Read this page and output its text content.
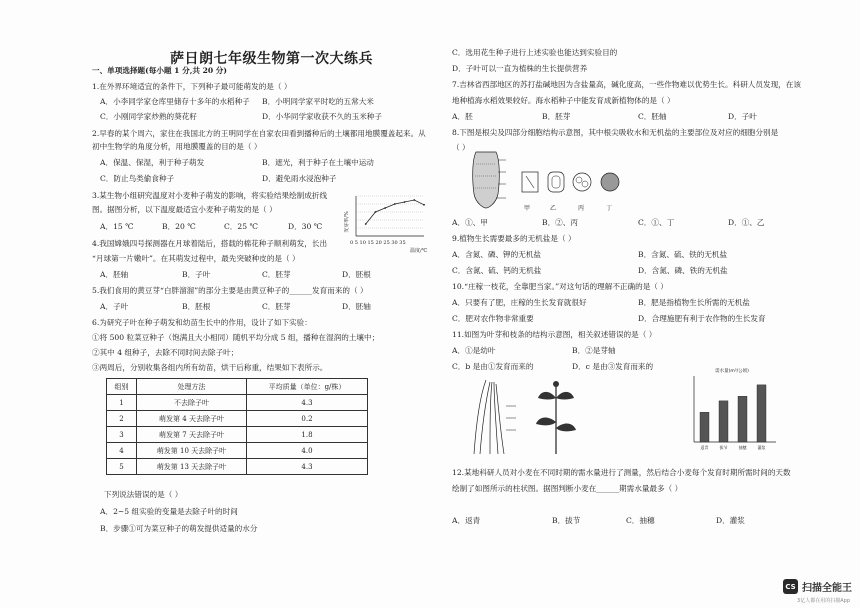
萨日朗七年级生物第一次大练兵
一、单项选择题(每小题 1 分,共 20 分)
1.在外界环境适宜的条件下，下列种子最可能萌发的是（ ）
A．小李同学家仓库里储存十多年的水稻种子 B．小明同学家平时吃的五常大米
C．小刚同学家炒熟的葵花籽	D．小华同学家收获不久的玉米种子
2.早春的某个周六，家住在我国北方的王明同学在自家农田看到播种后的土壤都用地膜覆盖起来。从
初中生物学的角度分析，用地膜覆盖的目的是（ ）
A．保温、保湿，利于种子萌发	B．遮光，利于种子在土壤中运动
C．防止鸟类偷食种子	D．避免雨水浸泡种子
3.某生物小组研究温度对小麦种子萌发的影响，将实验结果绘制成折线
图。据图分析，以下温度最适宜小麦种子萌发的是（ ）
发芽率/%
0 5 10 15 20 25 30 35
温度/℃
A．15 ℃	B．20 ℃	C．25 ℃	D．30 ℃
4.我国嫦娥四号探测器在月球着陆后，搭载的棉花种子顺利萌发，长出
“月球第一片嫩叶”。在其萌发过程中，最先突破种皮的是（ ）
A．胚轴	B．子叶	C．胚芽	D．胚根
5.我们食用的黄豆芽“白胖溜溜”的部分主要是由黄豆种子的______发育而来的（ ）
A．子叶	B．胚根	C．胚芽	D．胚轴
6.为研究子叶在种子萌发和幼苗生长中的作用，设计了如下实验：
①将 500 粒菜豆种子（饱满且大小相同）随机平均分成 5 组，播种在湿润的土壤中；
②其中 4 组种子，去除不同时间去除子叶；
③两周后，分别收集各组内所有幼苗，烘干后称重，结果如下表所示。
组别	处理方法	平均质量（单位：g/株）
1	不去除子叶	4.3
2	萌发第 4 天去除子叶	0.2
3	萌发第 7 天去除子叶	1.8
4	萌发第 10 天去除子叶	4.0
5	萌发第 13 天去除子叶	4.3
下列说法错误的是（ ）
A．2~5 组实验的变量是去除子叶的时间
B．步骤①可为菜豆种子的萌发提供适量的水分
C．选用花生种子进行上述实验也能达到实验目的
D．子叶可以一直为植株的生长提供营养
7.吉林省西部地区的苏打盐碱地因为含盐量高，碱化度高，一些作物难以优势生长。科研人员发现，在该
地种植海水稻效果较好。海水稻种子中能发育成新植物体的是（ ）
A．胚	B．胚芽	C．胚轴	D．子叶
8.下图是根尖及四部分细胞结构示意图，其中根尖吸收水和无机盐的主要部位及对应的细胞分别是
（ ）
甲	乙	丙	丁
A．①、甲	B．②、丙	C．①、丁	D．①、乙
9.植物生长需要最多的无机盐是（ ）
A．含氮、磷、钾的无机盐	B．含氮、硫、铁的无机盐
C．含氮、硫、钙的无机盐	D．含氮、磷、铁的无机盐
10.“庄稼一枝花，全靠肥当家。”对这句话的理解不正确的是（ ）
A．只要有了肥，庄稼的生长发育就很好	B．肥是指植物生长所需的无机盐
C．肥对农作物非常重要	D．合理施肥有利于农作物的生长发育
11.如图为叶芽和枝条的结构示意图，相关叙述错误的是（ ）
A．①是幼叶	B．②是芽轴
C．b 是由①发育而来的	D．c 是由③发育而来的
需水量(m³/公顷)
返青	拔节	抽穗	灌浆
12.某地科研人员对小麦在不同时期的需水量进行了测量，然后结合小麦每个发育时期所需时间的天数
绘制了如图所示的柱状图。据图判断小麦在______期需水量最多（ ）
A．返青	B．拔节	C．抽穗	D．灌浆
CS 扫描全能王
3亿人都在用的扫描App
